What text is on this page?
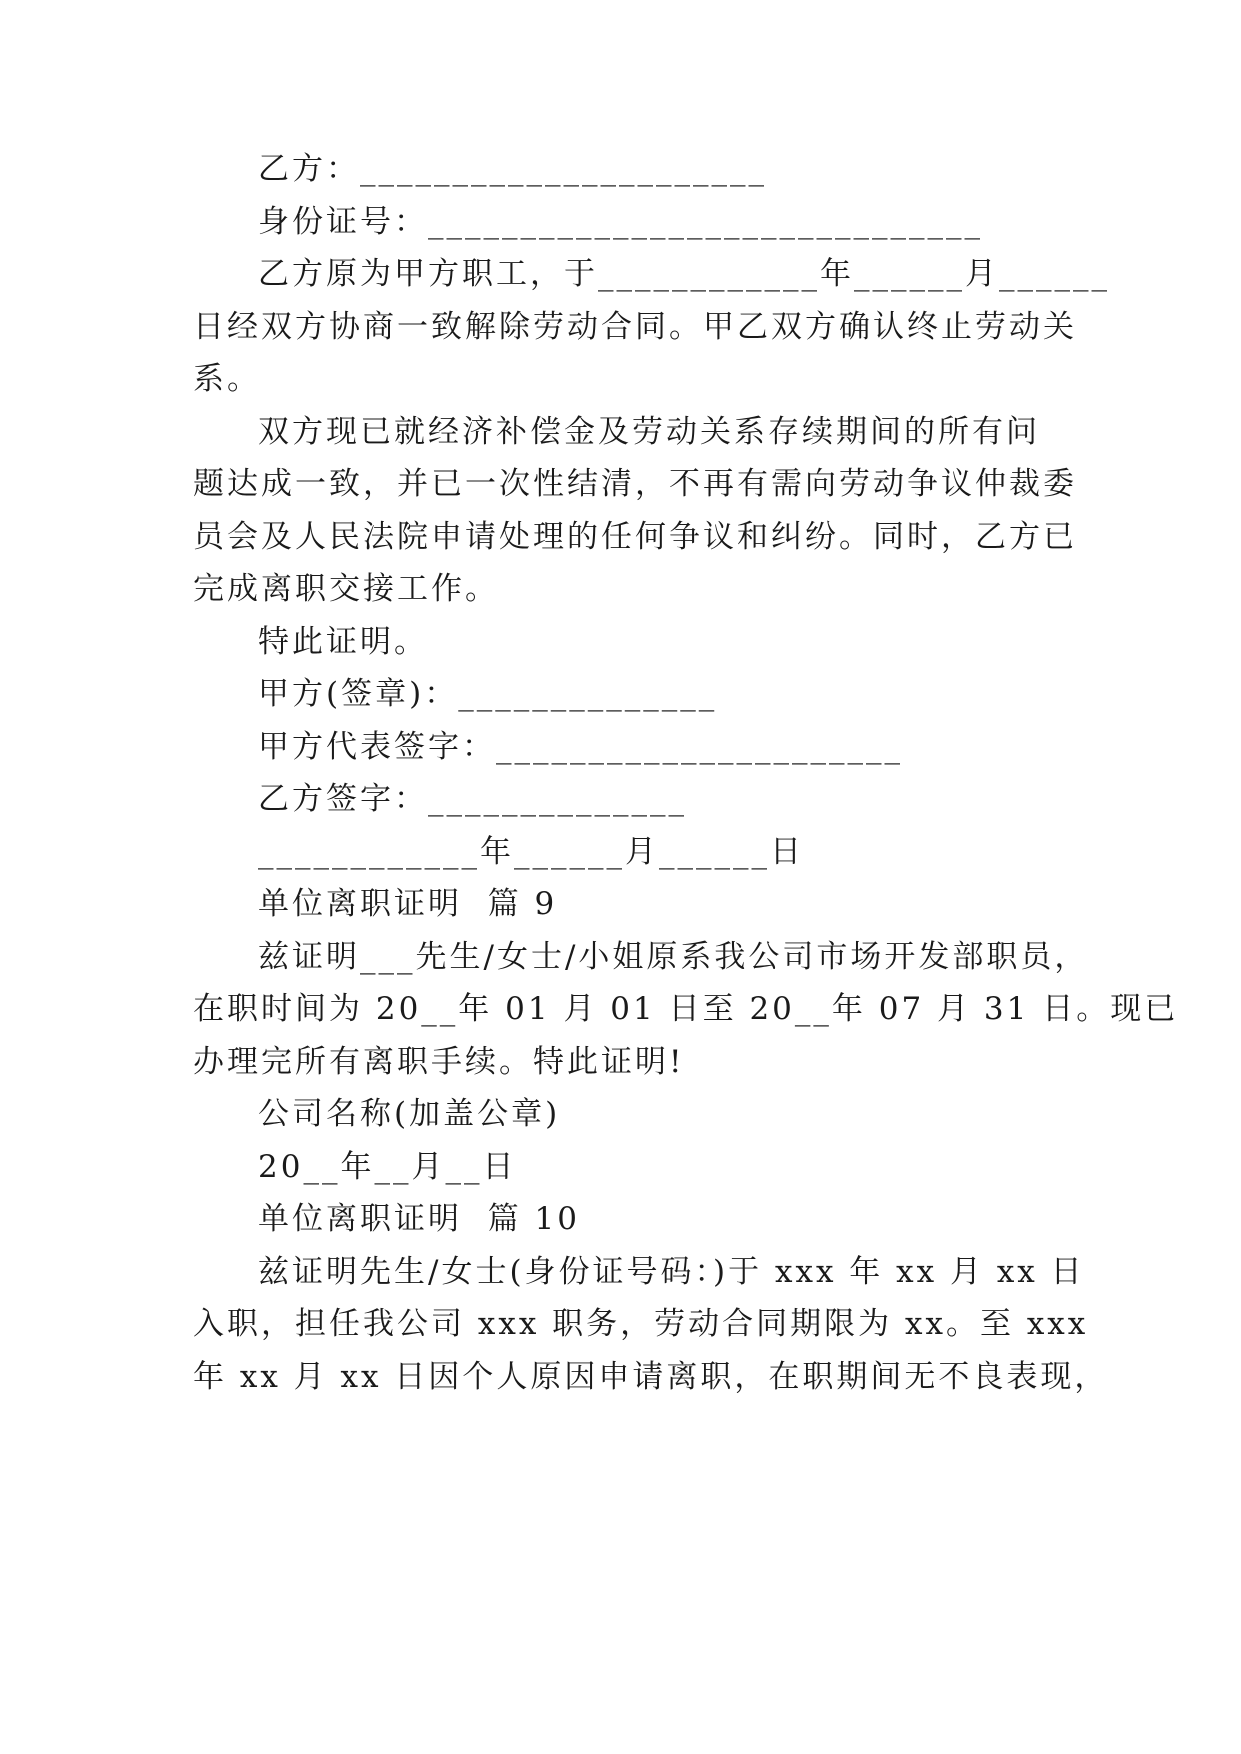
乙方：______________________
身份证号：______________________________
乙方原为甲方职工，于____________年______月______
日经双方协商一致解除劳动合同。甲乙双方确认终止劳动关
系。
双方现已就经济补偿金及劳动关系存续期间的所有问
题达成一致，并已一次性结清，不再有需向劳动争议仲裁委
员会及人民法院申请处理的任何争议和纠纷。同时，乙方已
完成离职交接工作。
特此证明。
甲方(签章)：______________
甲方代表签字：______________________
乙方签字：______________
____________年______月______日
单位离职证明  篇 9
兹证明___先生/女士/小姐原系我公司市场开发部职员，
在职时间为 20__年 01 月 01 日至 20__年 07 月 31 日。现已
办理完所有离职手续。特此证明!
公司名称(加盖公章)
20__年__月__日
单位离职证明  篇 10
兹证明先生/女士(身份证号码：)于 xxx 年 xx 月 xx 日
入职，担任我公司 xxx 职务，劳动合同期限为 xx。至 xxx
年 xx 月 xx 日因个人原因申请离职，在职期间无不良表现，
